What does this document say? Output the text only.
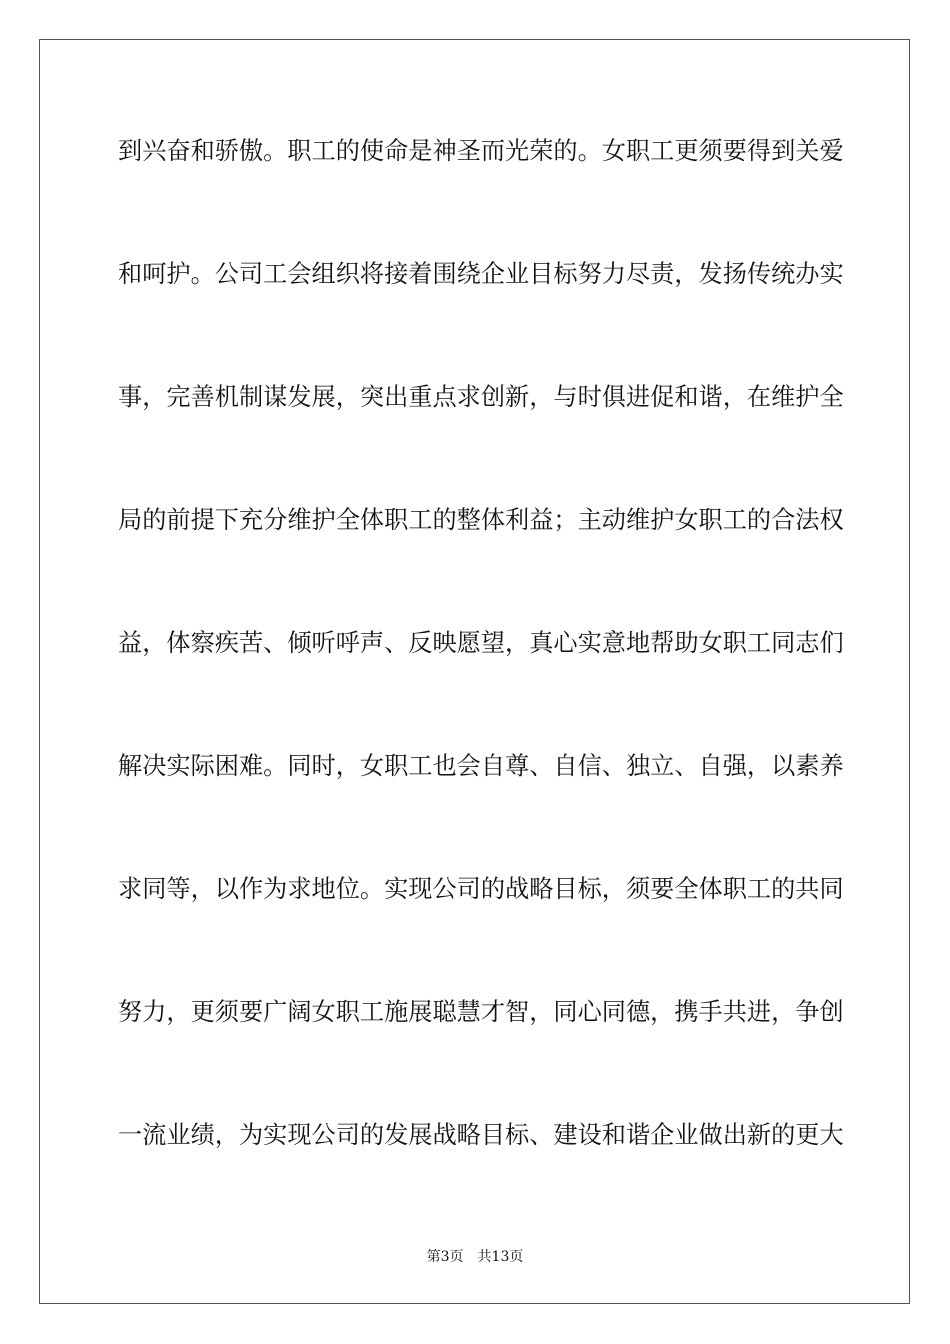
到兴奋和骄傲。职工的使命是神圣而光荣的。女职工更须要得到关爱
和呵护。公司工会组织将接着围绕企业目标努力尽责，发扬传统办实
事，完善机制谋发展，突出重点求创新，与时俱进促和谐，在维护全
局的前提下充分维护全体职工的整体利益；主动维护女职工的合法权
益，体察疾苦、倾听呼声、反映愿望，真心实意地帮助女职工同志们
解决实际困难。同时，女职工也会自尊、自信、独立、自强，以素养
求同等，以作为求地位。实现公司的战略目标，须要全体职工的共同
努力，更须要广阔女职工施展聪慧才智，同心同德，携手共进，争创
一流业绩，为实现公司的发展战略目标、建设和谐企业做出新的更大
第3页 共13页
